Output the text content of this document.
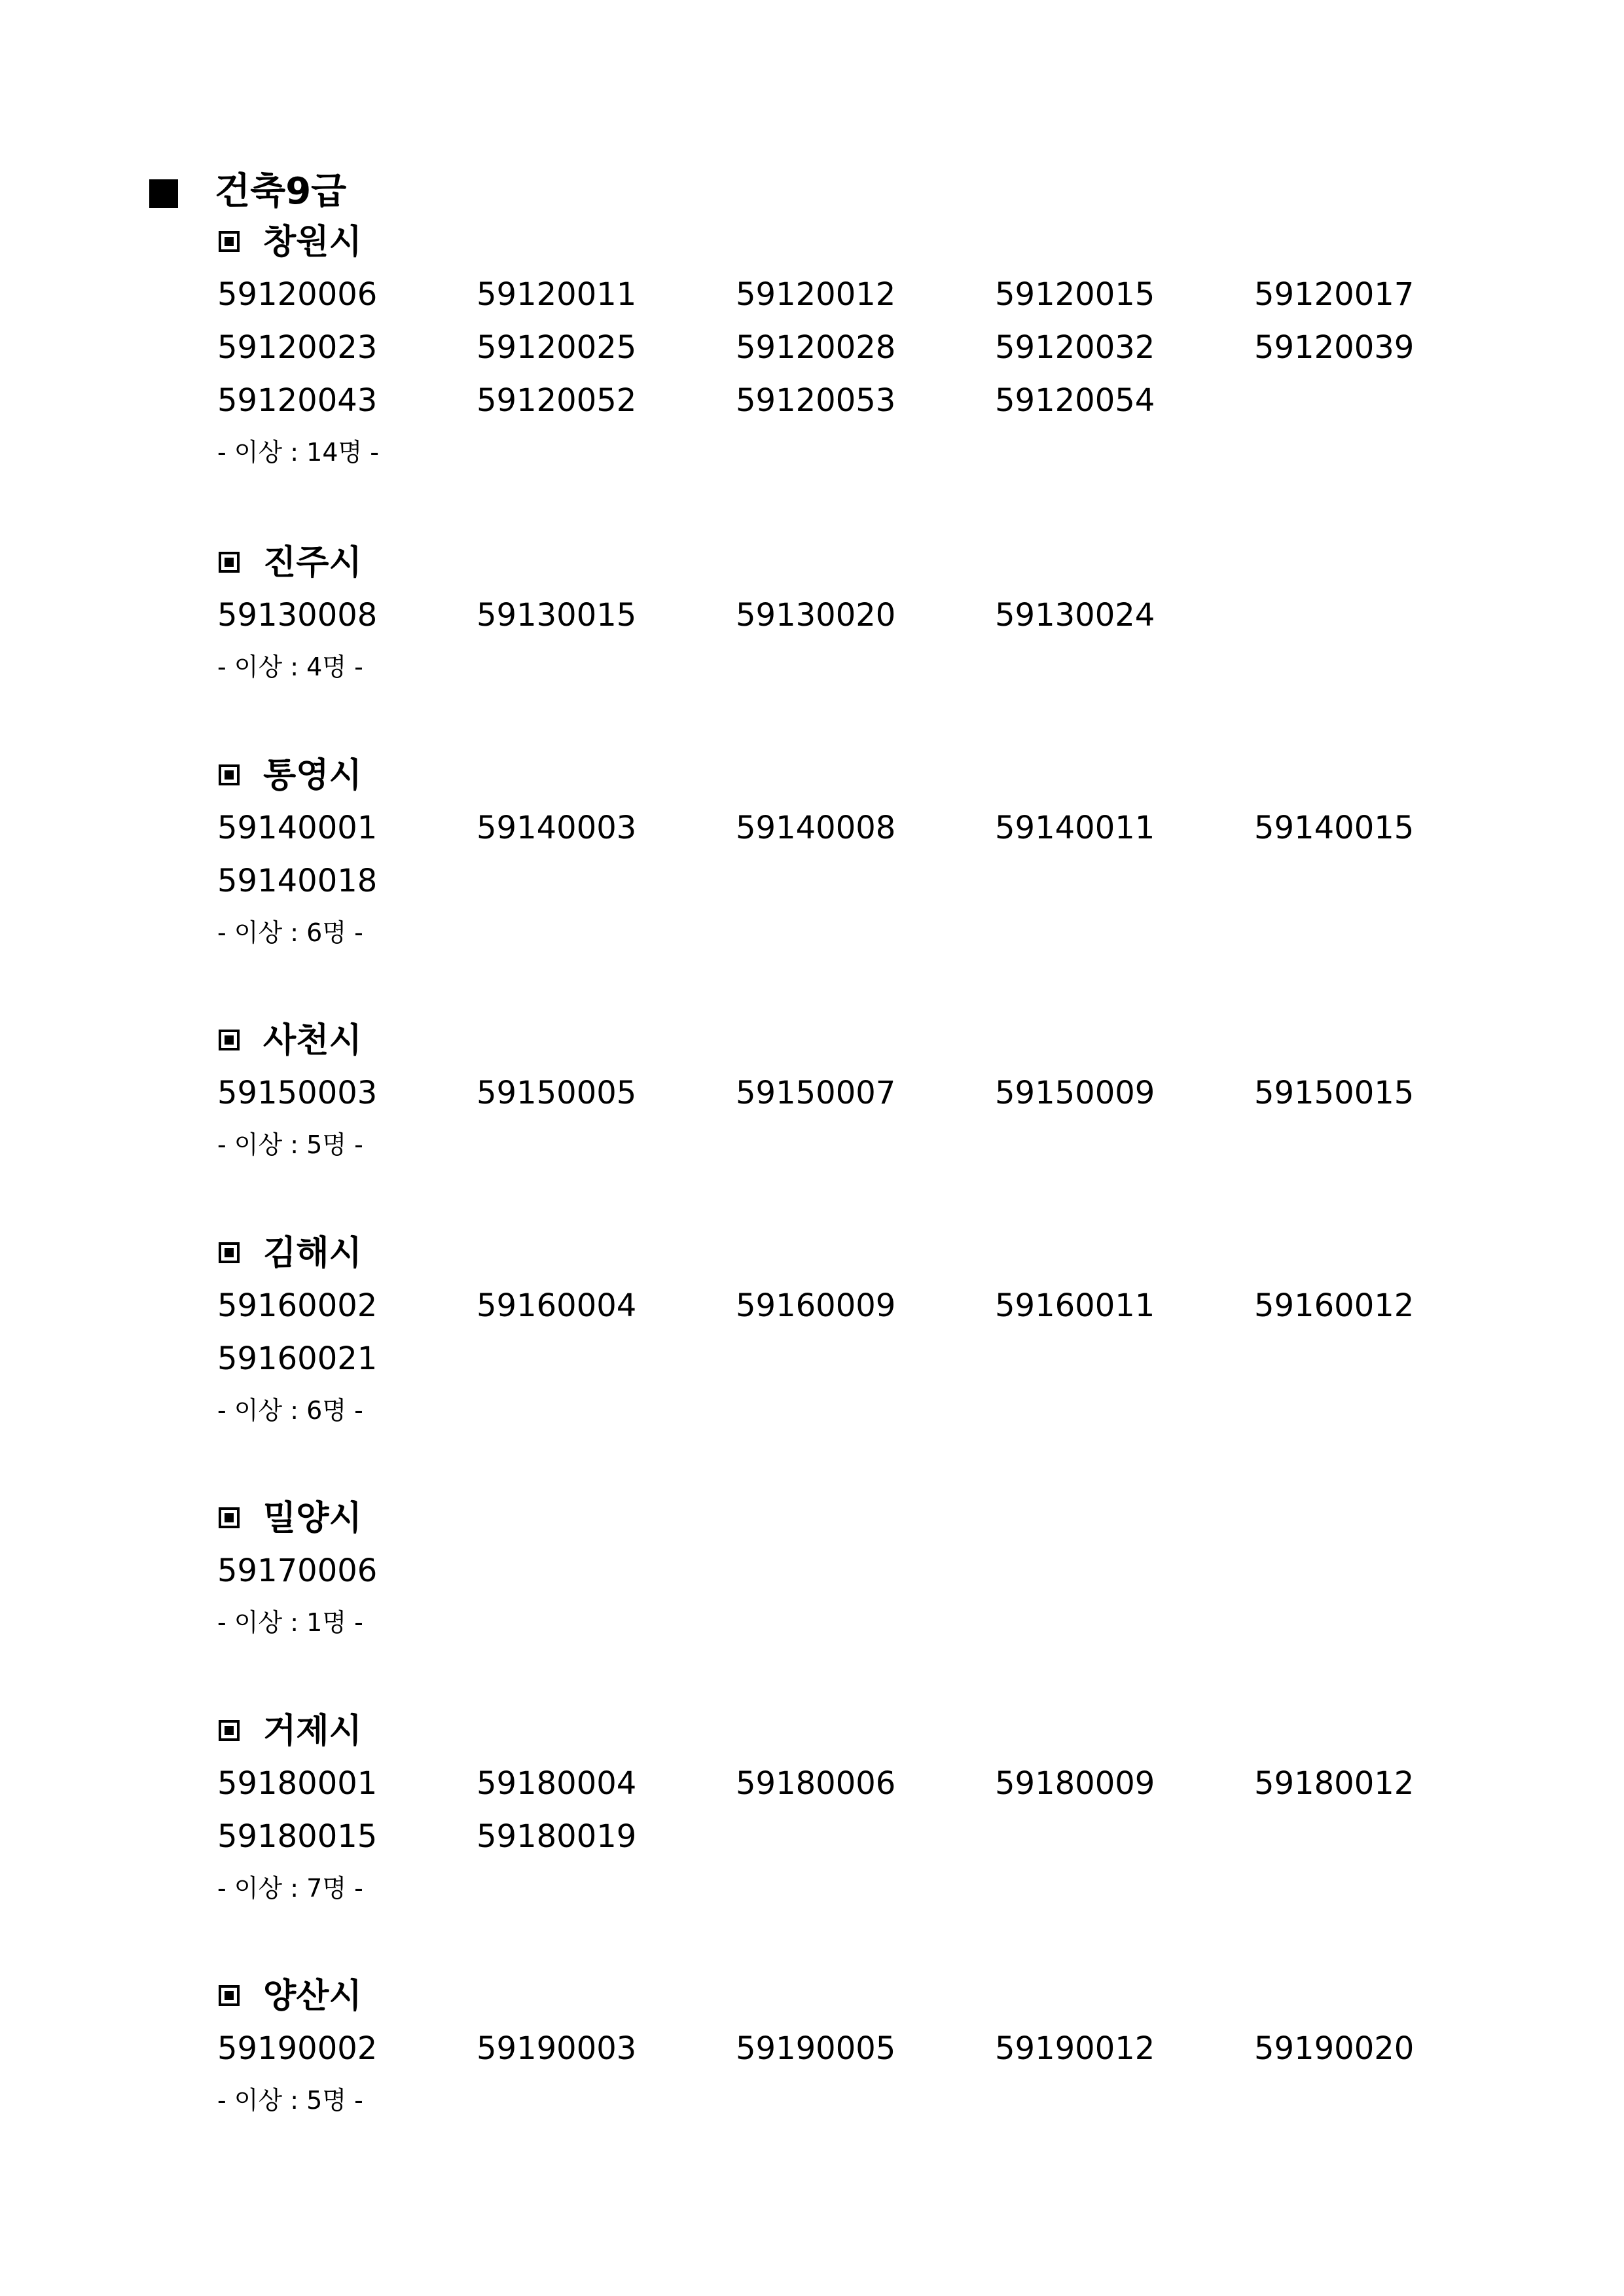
건축9급
창원시
59120006	59120011	59120012	59120015	59120017
59120023	59120025	59120028	59120032	59120039
59120043	59120052	59120053	59120054
- 이상 : 14명 -
진주시
59130008	59130015	59130020	59130024
- 이상 : 4명 -
통영시
59140001	59140003	59140008	59140011	59140015
59140018
- 이상 : 6명 -
사천시
59150003	59150005	59150007	59150009	59150015
- 이상 : 5명 -
김해시
59160002	59160004	59160009	59160011	59160012
59160021
- 이상 : 6명 -
밀양시
59170006
- 이상 : 1명 -
거제시
59180001	59180004	59180006	59180009	59180012
59180015	59180019
- 이상 : 7명 -
양산시
59190002	59190003	59190005	59190012	59190020
- 이상 : 5명 -
